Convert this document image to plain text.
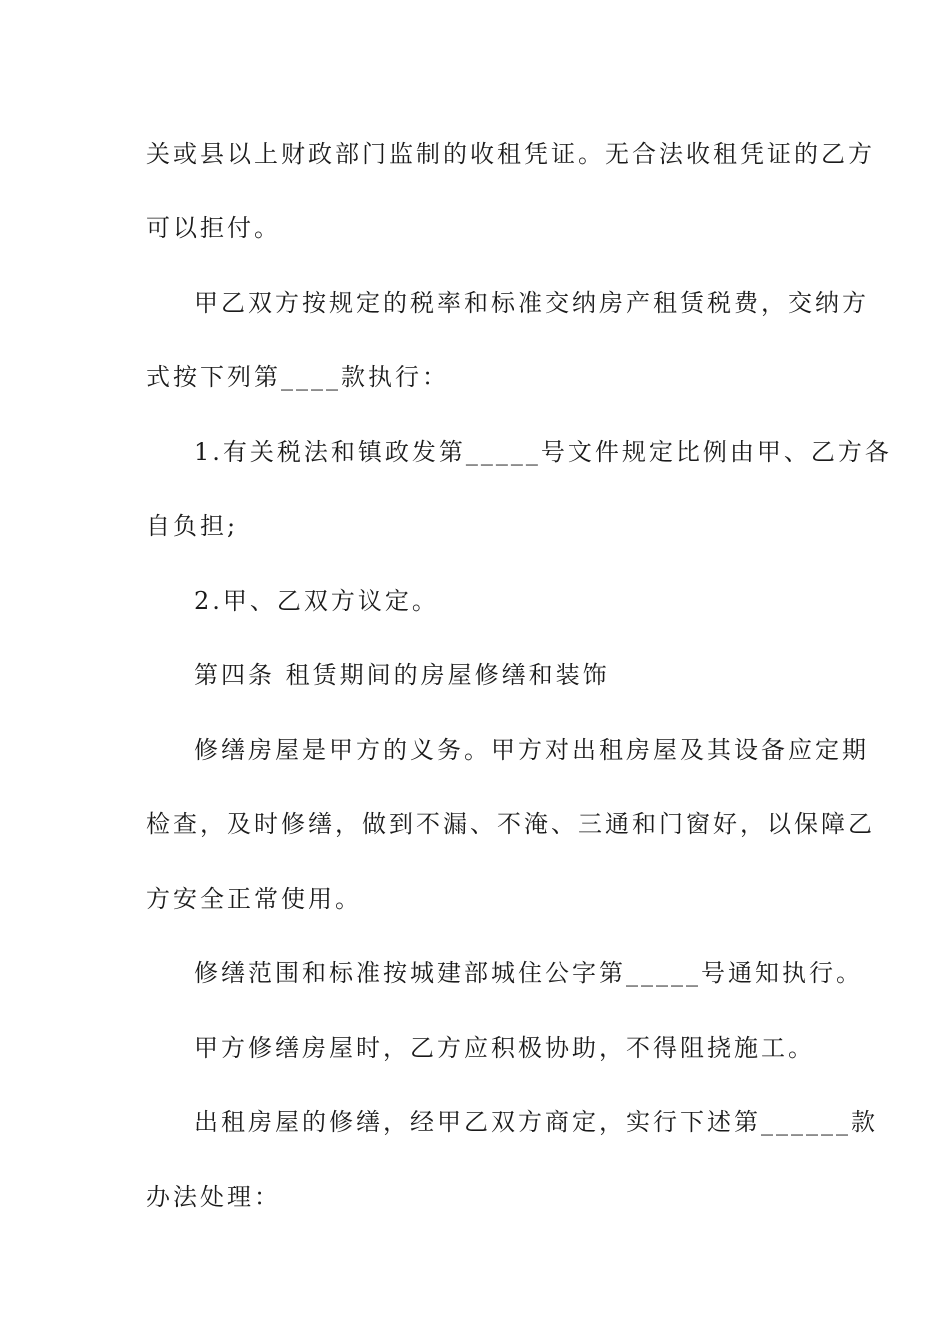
关或县以上财政部门监制的收租凭证。无合法收租凭证的乙方

可以拒付。

甲乙双方按规定的税率和标准交纳房产租赁税费，交纳方

式按下列第____款执行：

1.有关税法和镇政发第_____号文件规定比例由甲、乙方各

自负担;

2.甲、乙双方议定。

第四条 租赁期间的房屋修缮和装饰

修缮房屋是甲方的义务。甲方对出租房屋及其设备应定期

检查，及时修缮，做到不漏、不淹、三通和门窗好，以保障乙

方安全正常使用。

修缮范围和标准按城建部城住公字第_____号通知执行。

甲方修缮房屋时，乙方应积极协助，不得阻挠施工。

出租房屋的修缮，经甲乙双方商定，实行下述第______款

办法处理：
